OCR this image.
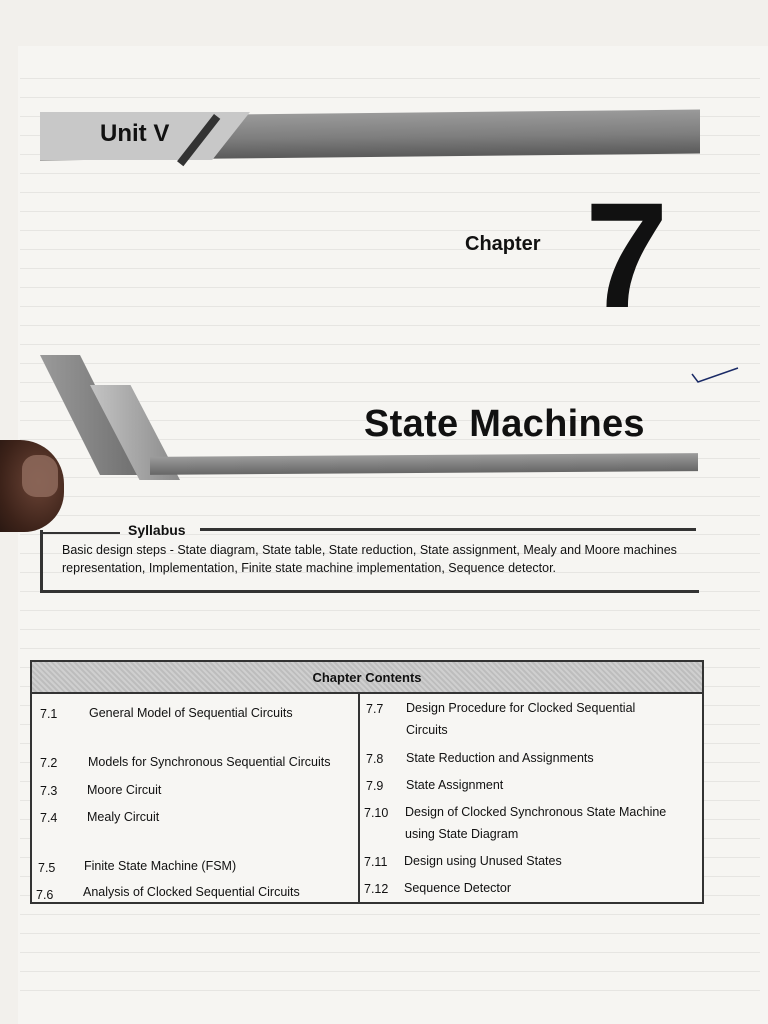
Unit V
Chapter 7
State Machines
Syllabus
Basic design steps - State diagram, State table, State reduction, State assignment, Mealy and Moore machines representation, Implementation, Finite state machine implementation, Sequence detector.
Chapter Contents
7.1	General Model of Sequential Circuits
7.2 Models for Synchronous Sequential Circuits
7.3 Moore Circuit
7.4 Mealy Circuit
7.5 Finite State Machine (FSM)
7.6 Analysis of Clocked Sequential Circuits
7.7 Design Procedure for Clocked Sequential Circuits
7.8 State Reduction and Assignments
7.9 State Assignment
7.10 Design of Clocked Synchronous State Machine using State Diagram
7.11 Design using Unused States
7.12 Sequence Detector
